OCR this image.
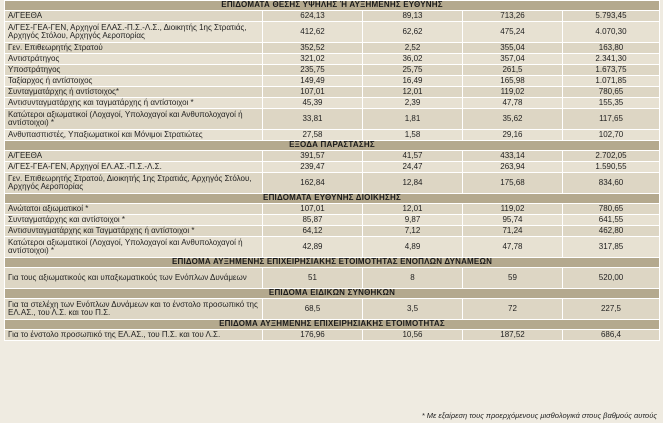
ΕΠΙΔΟΜΑΤΑ ΘΕΣΗΣ ΥΨΗΛΗΣ Ή ΑΥΞΗΜΕΝΗΣ ΕΥΘΥΝΗΣ				
Α/ΓΕΕΘΑ	624,13	89,13	713,26	5.793,45
Α/ΓΕΣ-ΓΕΑ-ΓΕΝ, Αρχηγοί ΕΛΑΣ.-Π.Σ.-Λ.Σ., Διοικητής 1ης Στρατιάς, Αρχηγός Στόλου, Αρχηγός Αεροπορίας	412,62	62,62	475,24	4.070,30
Γεν. Επιθεωρητής Στρατού	352,52	2,52	355,04	163,80
Αντιστράτηγος	321,02	36,02	357,04	2.341,30
Υποστράτηγος	235,75	25,75	261,5	1.673,75
Ταξίαρχος ή αντίστοιχος	149,49	16,49	165,98	1.071,85
Συνταγματάρχης ή αντίστοιχος*	107,01	12,01	119,02	780,65
Αντισυνταγματάρχης και ταγματάρχης ή αντίστοιχοι *	45,39	2,39	47,78	155,35
Κατώτεροι αξιωματικοί (Λοχαγοί, Υπολοχαγοί και Ανθυπολοχαγοί ή αντίστοιχοι) *	33,81	1,81	35,62	117,65
Ανθυπασπιστές, Υπαξιωματικοί και Μόνιμοι Στρατιώτες	27,58	1,58	29,16	102,70
ΕΞΟΔΑ ΠΑΡΑΣΤΑΣΗΣ				
Α/ΓΕΕΘΑ	391,57	41,57	433,14	2.702,05
Α/ΓΕΣ-ΓΕΑ-ΓΕΝ, Αρχηγοί ΕΛ.ΑΣ.-Π.Σ.-Λ.Σ.	239,47	24,47	263,94	1.590,55
Γεν. Επιθεωρητής Στρατού, Διοικητής 1ης Στρατιάς, Αρχηγός Στόλου, Αρχηγός Αεροπορίας	162,84	12,84	175,68	834,60
ΕΠΙΔΟΜΑΤΑ ΕΥΘΥΝΗΣ ΔΙΟΙΚΗΣΗΣ				
Ανώτατοι αξιωματικοί *	107,01	12,01	119,02	780,65
Συνταγματάρχης και αντίστοιχοι *	85,87	9,87	95,74	641,55
Αντισυνταγματάρχης και Ταγματάρχης ή αντίστοιχοι *	64,12	7,12	71,24	462,80
Κατώτεροι αξιωματικοί (Λοχαγοί, Υπολοχαγοί και Ανθυπολοχαγοί ή αντίστοιχοι) *	42,89	4,89	47,78	317,85
ΕΠΙΔΟΜΑ ΑΥΞΗΜΕΝΗΣ ΕΠΙΧΕΙΡΗΣΙΑΚΗΣ ΕΤΟΙΜΟΤΗΤΑΣ ΕΝΟΠΛΩΝ ΔΥΝΑΜΕΩΝ				
Για τους αξιωματικούς και υπαξιωματικούς των Ενόπλων Δυνάμεων	51	8	59	520,00
ΕΠΙΔΟΜΑ ΕΙΔΙΚΩΝ ΣΥΝΘΗΚΩΝ				
Για τα στελέχη των Ενόπλων Δυνάμεων και το ένστολο προσωπικό της ΕΛ.ΑΣ., του Λ.Σ. και του Π.Σ.	68,5	3,5	72	227,5
ΕΠΙΔΟΜΑ ΑΥΞΗΜΕΝΗΣ ΕΠΙΧΕΙΡΗΣΙΑΚΗΣ ΕΤΟΙΜΟΤΗΤΑΣ				
Για το ένστολο προσωπικό της ΕΛ.ΑΣ., του Π.Σ. και του Λ.Σ.	176,96	10,56	187,52	686,4
* Με εξαίρεση τους προερχόμενους μισθολογικά στους βαθμούς αυτούς
